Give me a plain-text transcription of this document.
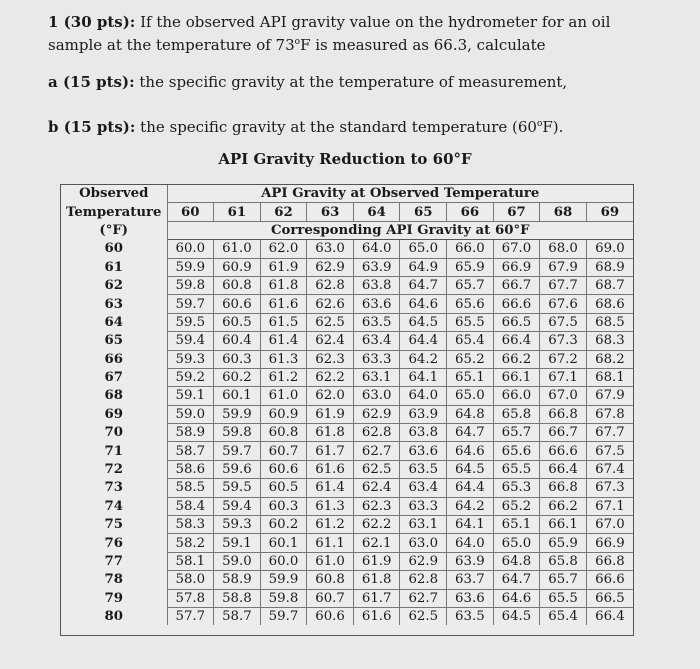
1 (30 pts): If the observed API gravity value on the hydrometer for an oil sample at the temperature of 73$^o$F is measured as 66.3, calculate
a (15 pts): the specific gravity at the temperature of measurement,
b (15 pts): the specific gravity at the standard temperature (60$^o$F).
API Gravity Reduction to 60°F
Observed	API Gravity at Observed Temperature									
Temperature	60	61	62	63	64	65	66	67	68	69
(°F)	Corresponding API Gravity at 60°F									
60	60.0	61.0	62.0	63.0	64.0	65.0	66.0	67.0	68.0	69.0
61	59.9	60.9	61.9	62.9	63.9	64.9	65.9	66.9	67.9	68.9
62	59.8	60.8	61.8	62.8	63.8	64.7	65.7	66.7	67.7	68.7
63	59.7	60.6	61.6	62.6	63.6	64.6	65.6	66.6	67.6	68.6
64	59.5	60.5	61.5	62.5	63.5	64.5	65.5	66.5	67.5	68.5
65	59.4	60.4	61.4	62.4	63.4	64.4	65.4	66.4	67.3	68.3
66	59.3	60.3	61.3	62.3	63.3	64.2	65.2	66.2	67.2	68.2
67	59.2	60.2	61.2	62.2	63.1	64.1	65.1	66.1	67.1	68.1
68	59.1	60.1	61.0	62.0	63.0	64.0	65.0	66.0	67.0	67.9
69	59.0	59.9	60.9	61.9	62.9	63.9	64.8	65.8	66.8	67.8
70	58.9	59.8	60.8	61.8	62.8	63.8	64.7	65.7	66.7	67.7
71	58.7	59.7	60.7	61.7	62.7	63.6	64.6	65.6	66.6	67.5
72	58.6	59.6	60.6	61.6	62.5	63.5	64.5	65.5	66.4	67.4
73	58.5	59.5	60.5	61.4	62.4	63.4	64.4	65.3	66.8	67.3
74	58.4	59.4	60.3	61.3	62.3	63.3	64.2	65.2	66.2	67.1
75	58.3	59.3	60.2	61.2	62.2	63.1	64.1	65.1	66.1	67.0
76	58.2	59.1	60.1	61.1	62.1	63.0	64.0	65.0	65.9	66.9
77	58.1	59.0	60.0	61.0	61.9	62.9	63.9	64.8	65.8	66.8
78	58.0	58.9	59.9	60.8	61.8	62.8	63.7	64.7	65.7	66.6
79	57.8	58.8	59.8	60.7	61.7	62.7	63.6	64.6	65.5	66.5
80	57.7	58.7	59.7	60.6	61.6	62.5	63.5	64.5	65.4	66.4
